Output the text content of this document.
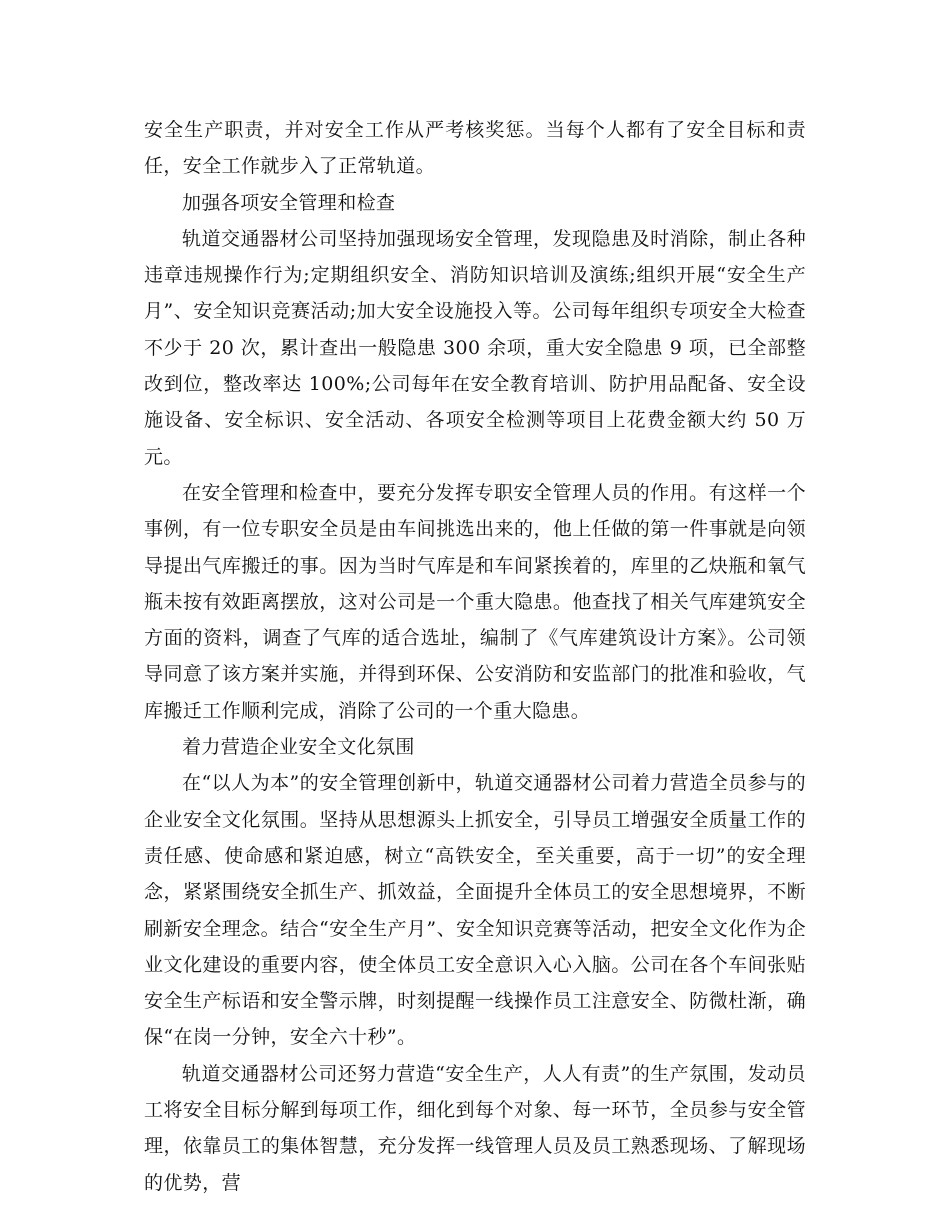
安全生产职责，并对安全工作从严考核奖惩。当每个人都有了安全目标和责任，安全工作就步入了正常轨道。

加强各项安全管理和检查

轨道交通器材公司坚持加强现场安全管理，发现隐患及时消除，制止各种违章违规操作行为;定期组织安全、消防知识培训及演练;组织开展“安全生产月”、安全知识竞赛活动;加大安全设施投入等。公司每年组织专项安全大检查不少于 20 次，累计查出一般隐患 300 余项，重大安全隐患 9 项，已全部整改到位，整改率达 100%;公司每年在安全教育培训、防护用品配备、安全设施设备、安全标识、安全活动、各项安全检测等项目上花费金额大约 50 万元。

在安全管理和检查中，要充分发挥专职安全管理人员的作用。有这样一个事例，有一位专职安全员是由车间挑选出来的，他上任做的第一件事就是向领导提出气库搬迁的事。因为当时气库是和车间紧挨着的，库里的乙炔瓶和氧气瓶未按有效距离摆放，这对公司是一个重大隐患。他查找了相关气库建筑安全方面的资料，调查了气库的适合选址，编制了《气库建筑设计方案》。公司领导同意了该方案并实施，并得到环保、公安消防和安监部门的批准和验收，气库搬迁工作顺利完成，消除了公司的一个重大隐患。

着力营造企业安全文化氛围

在“以人为本”的安全管理创新中，轨道交通器材公司着力营造全员参与的企业安全文化氛围。坚持从思想源头上抓安全，引导员工增强安全质量工作的责任感、使命感和紧迫感，树立“高铁安全，至关重要，高于一切”的安全理念，紧紧围绕安全抓生产、抓效益，全面提升全体员工的安全思想境界，不断刷新安全理念。结合“安全生产月”、安全知识竞赛等活动，把安全文化作为企业文化建设的重要内容，使全体员工安全意识入心入脑。公司在各个车间张贴安全生产标语和安全警示牌，时刻提醒一线操作员工注意安全、防微杜渐，确保“在岗一分钟，安全六十秒”。

轨道交通器材公司还努力营造“安全生产，人人有责”的生产氛围，发动员工将安全目标分解到每项工作，细化到每个对象、每一环节，全员参与安全管理，依靠员工的集体智慧，充分发挥一线管理人员及员工熟悉现场、了解现场的优势，营
